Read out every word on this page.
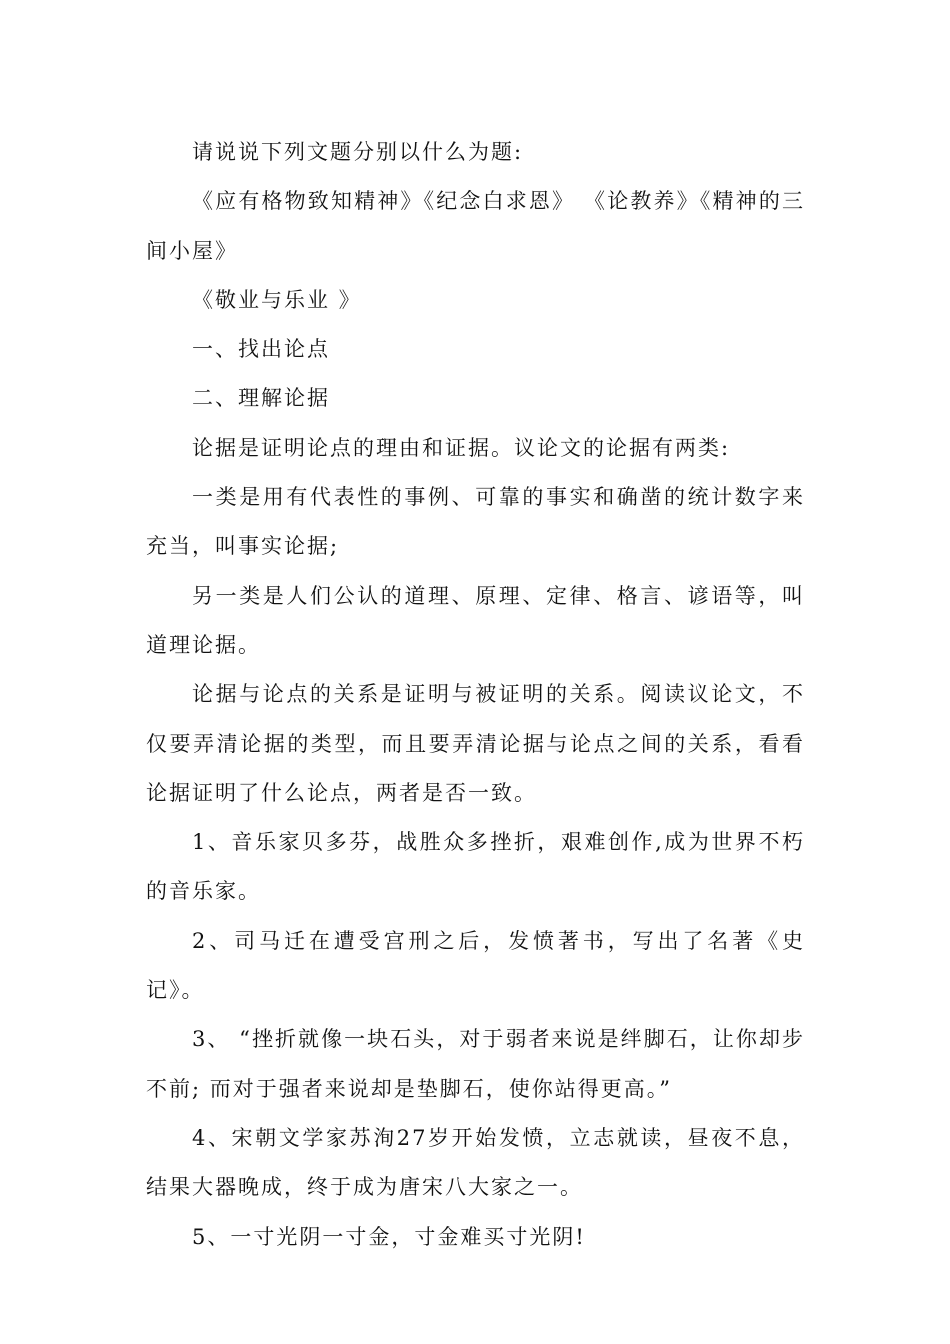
请说说下列文题分别以什么为题:

《应有格物致知精神》《纪念白求恩》 《论教养》《精神的三间小屋》

《敬业与乐业 》

一、找出论点

二、理解论据

论据是证明论点的理由和证据。议论文的论据有两类:

一类是用有代表性的事例、可靠的事实和确凿的统计数字来充当，叫事实论据;

另一类是人们公认的道理、原理、定律、格言、谚语等，叫道理论据。

论据与论点的关系是证明与被证明的关系。阅读议论文，不仅要弄清论据的类型，而且要弄清论据与论点之间的关系，看看论据证明了什么论点，两者是否一致。

1、音乐家贝多芬，战胜众多挫折，艰难创作,成为世界不朽的音乐家。

2、司马迁在遭受宫刑之后，发愤著书，写出了名著《史记》。

3、 “挫折就像一块石头，对于弱者来说是绊脚石，让你却步不前; 而对于强者来说却是垫脚石，使你站得更高。”

4、宋朝文学家苏洵27岁开始发愤，立志就读，昼夜不息，结果大器晚成，终于成为唐宋八大家之一。

5、一寸光阴一寸金，寸金难买寸光阴!
